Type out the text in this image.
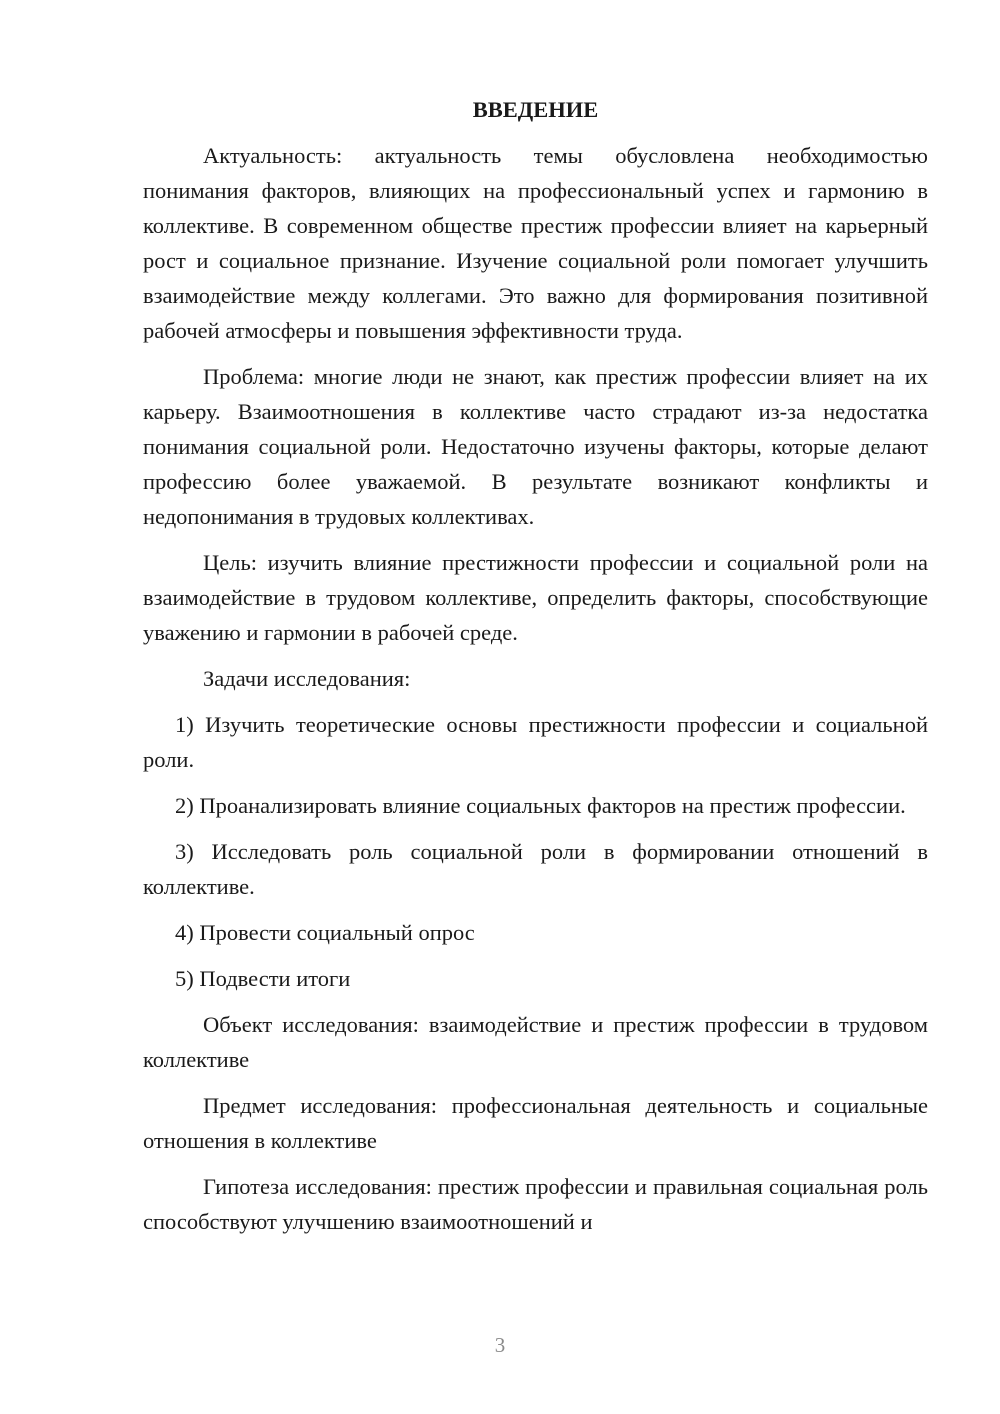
ВВЕДЕНИЕ

Актуальность: актуальность темы обусловлена необходимостью понимания факторов, влияющих на профессиональный успех и гармонию в коллективе. В современном обществе престиж профессии влияет на карьерный рост и социальное признание. Изучение социальной роли помогает улучшить взаимодействие между коллегами. Это важно для формирования позитивной рабочей атмосферы и повышения эффективности труда.

Проблема: многие люди не знают, как престиж профессии влияет на их карьеру. Взаимоотношения в коллективе часто страдают из-за недостатка понимания социальной роли. Недостаточно изучены факторы, которые делают профессию более уважаемой. В результате возникают конфликты и недопонимания в трудовых коллективах.

Цель: изучить влияние престижности профессии и социальной роли на взаимодействие в трудовом коллективе, определить факторы, способствующие уважению и гармонии в рабочей среде.

Задачи исследования:

1) Изучить теоретические основы престижности профессии и социальной роли.

2) Проанализировать влияние социальных факторов на престиж профессии.

3) Исследовать роль социальной роли в формировании отношений в коллективе.

4) Провести социальный опрос

5) Подвести итоги

Объект исследования: взаимодействие и престиж профессии в трудовом коллективе

Предмет исследования: профессиональная деятельность и социальные отношения в коллективе

Гипотеза исследования: престиж профессии и правильная социальная роль способствуют улучшению взаимоотношений и

3
